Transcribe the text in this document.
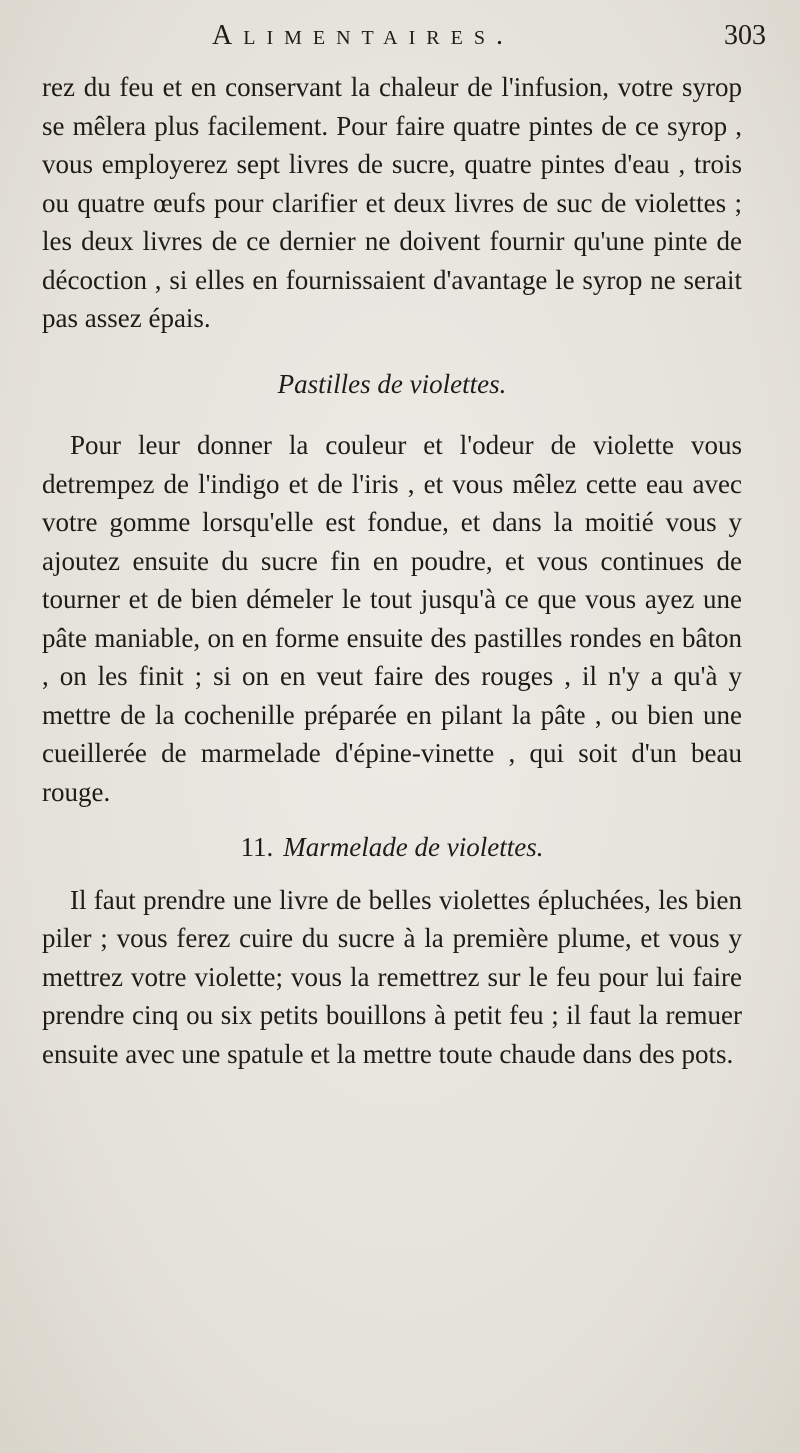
Alimentaires.	303

rez du feu et en conservant la chaleur de l'infusion, votre syrop se mêlera plus facilement. Pour faire quatre pintes de ce syrop , vous employerez sept livres de sucre, quatre pintes d'eau , trois ou quatre œufs pour clarifier et deux livres de suc de violettes ; les deux livres de ce dernier ne doivent fournir qu'une pinte de décoction , si elles en fournissaient d'avantage le syrop ne serait pas assez épais.

Pastilles de violettes.

Pour leur donner la couleur et l'odeur de violette vous detrempez de l'indigo et de l'iris , et vous mêlez cette eau avec votre gomme lorsqu'elle est fondue, et dans la moitié vous y ajoutez ensuite du sucre fin en poudre, et vous continues de tourner et de bien démeler le tout jusqu'à ce que vous ayez une pâte maniable, on en forme ensuite des pastilles rondes en bâton , on les finit ; si on en veut faire des rouges , il n'y a qu'à y mettre de la cochenille préparée en pilant la pâte , ou bien une cueillerée de marmelade d'épine-vinette , qui soit d'un beau rouge.

11. Marmelade de violettes.

Il faut prendre une livre de belles violettes épluchées, les bien piler ; vous ferez cuire du sucre à la première plume, et vous y mettrez votre violette; vous la remettrez sur le feu pour lui faire prendre cinq ou six petits bouillons à petit feu ; il faut la remuer ensuite avec une spatule et la mettre toute chaude dans des pots.
